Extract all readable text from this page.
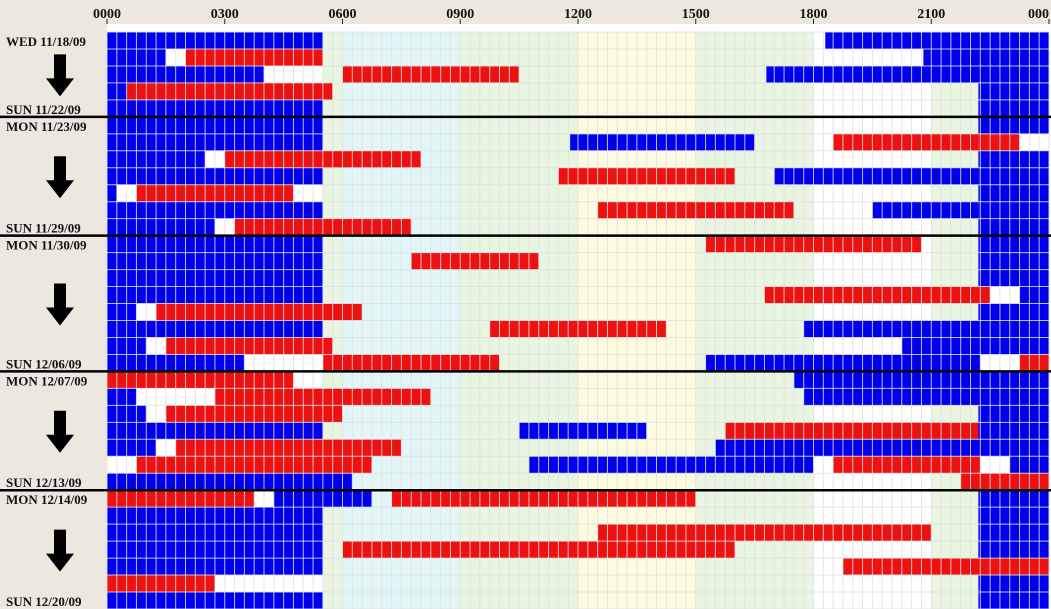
0000	0300	0600	0900	1200	1500	1800	2100	000
WED 11/18/09
SUN 11/22/09
MON 11/23/09
SUN 11/29/09
MON 11/30/09
SUN 12/06/09
MON 12/07/09
SUN 12/13/09
MON 12/14/09
SUN 12/20/09
